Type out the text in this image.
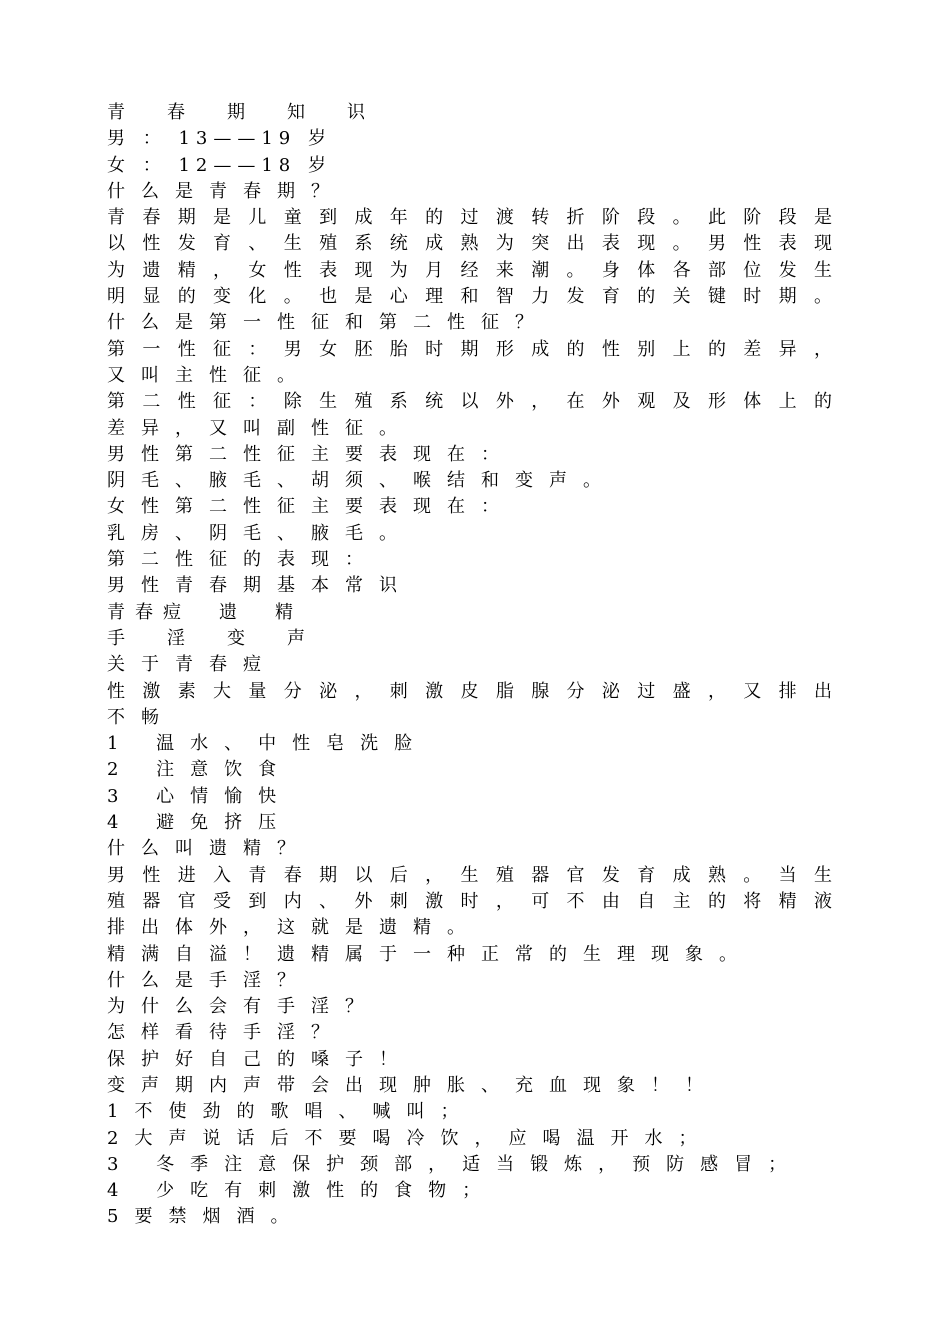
青　春　期　知　识
男 ： 13——19 岁
女 ： 12——18 岁
什么是青春期？
青春期是儿童到成年的过渡转折阶段。此阶段是
以性发育、生殖系统成熟为突出表现。男性表现
为遗精，女性表现为月经来潮。身体各部位发生
明显的变化。也是心理和智力发育的关键时期。
什么是第一性征和第二性征？
第一性征：男女胚胎时期形成的性别上的差异，
又叫主性征。
第二性征：除生殖系统以外，在外观及形体上的
差异，又叫副性征。
男性第二性征主要表现在：
阴毛、腋毛、胡须、喉结和变声。
女性第二性征主要表现在：
乳房、阴毛、腋毛。
第二性征的表现：
男性青春期基本常识
青春痘　遗　精
手　淫　变　声
关于青春痘
性激素大量分泌，刺激皮脂腺分泌过盛，又排出
不畅
1 温水、中性皂洗脸
2 注意饮食
3 心情愉快
4 避免挤压
什么叫遗精？
男性进入青春期以后，生殖器官发育成熟。当生
殖器官受到内、外刺激时，可不由自主的将精液
排出体外，这就是遗精。
精满自溢！遗精属于一种正常的生理现象。
什么是手淫？
为什么会有手淫？
怎样看待手淫？
保护好自己的嗓子！
变声期内声带会出现肿胀、充血现象！！
1不使劲的歌唱、喊叫；
2大声说话后不要喝冷饮，应喝温开水；
3 冬季注意保护颈部，适当锻炼，预防感冒；
4 少吃有刺激性的食物；
5要禁烟酒。
